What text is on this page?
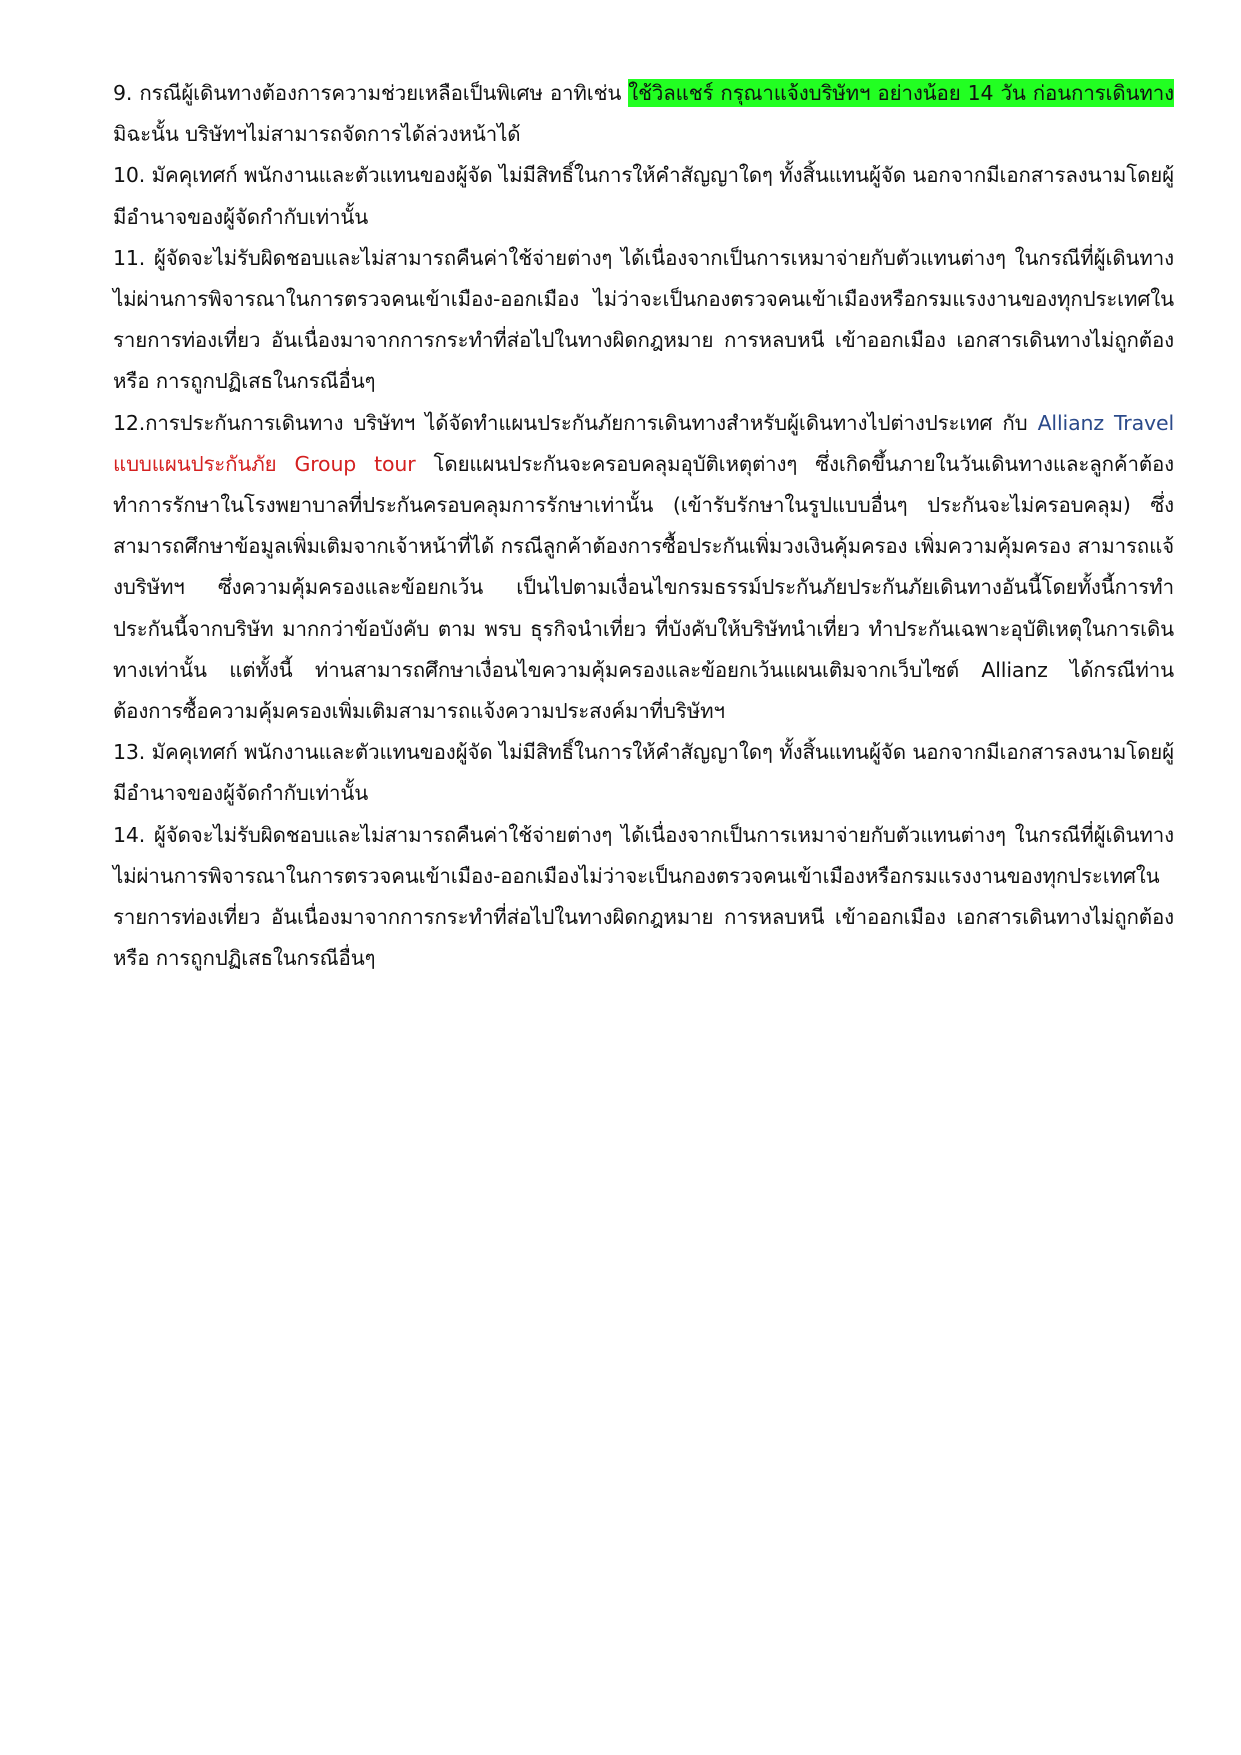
9. กรณีผู้เดินทางต้องการความช่วยเหลือเป็นพิเศษ อาทิเช่น ใช้วิลแชร์ กรุณาแจ้งบริษัทฯ อย่างน้อย 14 วัน ก่อนการเดินทาง มิฉะนั้น บริษัทฯไม่สามารถจัดการได้ล่วงหน้าได้

10. มัคคุเทศก์ พนักงานและตัวแทนของผู้จัด ไม่มีสิทธิ์ในการให้คำสัญญาใดๆ ทั้งสิ้นแทนผู้จัด นอกจากมีเอกสารลงนามโดยผู้มีอำนาจของผู้จัดกำกับเท่านั้น

11. ผู้จัดจะไม่รับผิดชอบและไม่สามารถคืนค่าใช้จ่ายต่างๆ ได้เนื่องจากเป็นการเหมาจ่ายกับตัวแทนต่างๆ ในกรณีที่ผู้เดินทางไม่ผ่านการพิจารณาในการตรวจคนเข้าเมือง-ออกเมือง ไม่ว่าจะเป็นกองตรวจคนเข้าเมืองหรือกรมแรงงานของทุกประเทศในรายการท่องเที่ยว อันเนื่องมาจากการกระทำที่ส่อไปในทางผิดกฎหมาย การหลบหนี เข้าออกเมือง เอกสารเดินทางไม่ถูกต้อง หรือ การถูกปฏิเสธในกรณีอื่นๆ

12.การประกันการเดินทาง บริษัทฯ ได้จัดทำแผนประกันภัยการเดินทางสำหรับผู้เดินทางไปต่างประเทศ กับ Allianz Travel แบบแผนประกันภัย Group tour โดยแผนประกันจะครอบคลุมอุบัติเหตุต่างๆ ซึ่งเกิดขึ้นภายในวันเดินทางและลูกค้าต้องทำการรักษาในโรงพยาบาลที่ประกันครอบคลุมการรักษาเท่านั้น (เข้ารับรักษาในรูปแบบอื่นๆ ประกันจะไม่ครอบคลุม) ซึ่งสามารถศึกษาข้อมูลเพิ่มเติมจากเจ้าหน้าที่ได้ กรณีลูกค้าต้องการซื้อประกันเพิ่มวงเงินคุ้มครอง เพิ่มความคุ้มครอง สามารถแจ้งบริษัทฯ ซึ่งความคุ้มครองและข้อยกเว้น เป็นไปตามเงื่อนไขกรมธรรม์ประกันภัยประกันภัยเดินทางอันนี้โดยทั้งนี้การทำประกันนี้จากบริษัท มากกว่าข้อบังคับ ตาม พรบ ธุรกิจนำเที่ยว ที่บังคับให้บริษัทนำเที่ยว ทำประกันเฉพาะอุบัติเหตุในการเดินทางเท่านั้น แต่ทั้งนี้ ท่านสามารถศึกษาเงื่อนไขความคุ้มครองและข้อยกเว้นแผนเติมจากเว็บไซต์ Allianz ได้กรณีท่านต้องการซื้อความคุ้มครองเพิ่มเติมสามารถแจ้งความประสงค์มาที่บริษัทฯ

13. มัคคุเทศก์ พนักงานและตัวแทนของผู้จัด ไม่มีสิทธิ์ในการให้คำสัญญาใดๆ ทั้งสิ้นแทนผู้จัด นอกจากมีเอกสารลงนามโดยผู้มีอำนาจของผู้จัดกำกับเท่านั้น

14. ผู้จัดจะไม่รับผิดชอบและไม่สามารถคืนค่าใช้จ่ายต่างๆ ได้เนื่องจากเป็นการเหมาจ่ายกับตัวแทนต่างๆ ในกรณีที่ผู้เดินทางไม่ผ่านการพิจารณาในการตรวจคนเข้าเมือง-ออกเมืองไม่ว่าจะเป็นกองตรวจคนเข้าเมืองหรือกรมแรงงานของทุกประเทศในรายการท่องเที่ยว อันเนื่องมาจากการกระทำที่ส่อไปในทางผิดกฎหมาย การหลบหนี เข้าออกเมือง เอกสารเดินทางไม่ถูกต้อง หรือ การถูกปฏิเสธในกรณีอื่นๆ
